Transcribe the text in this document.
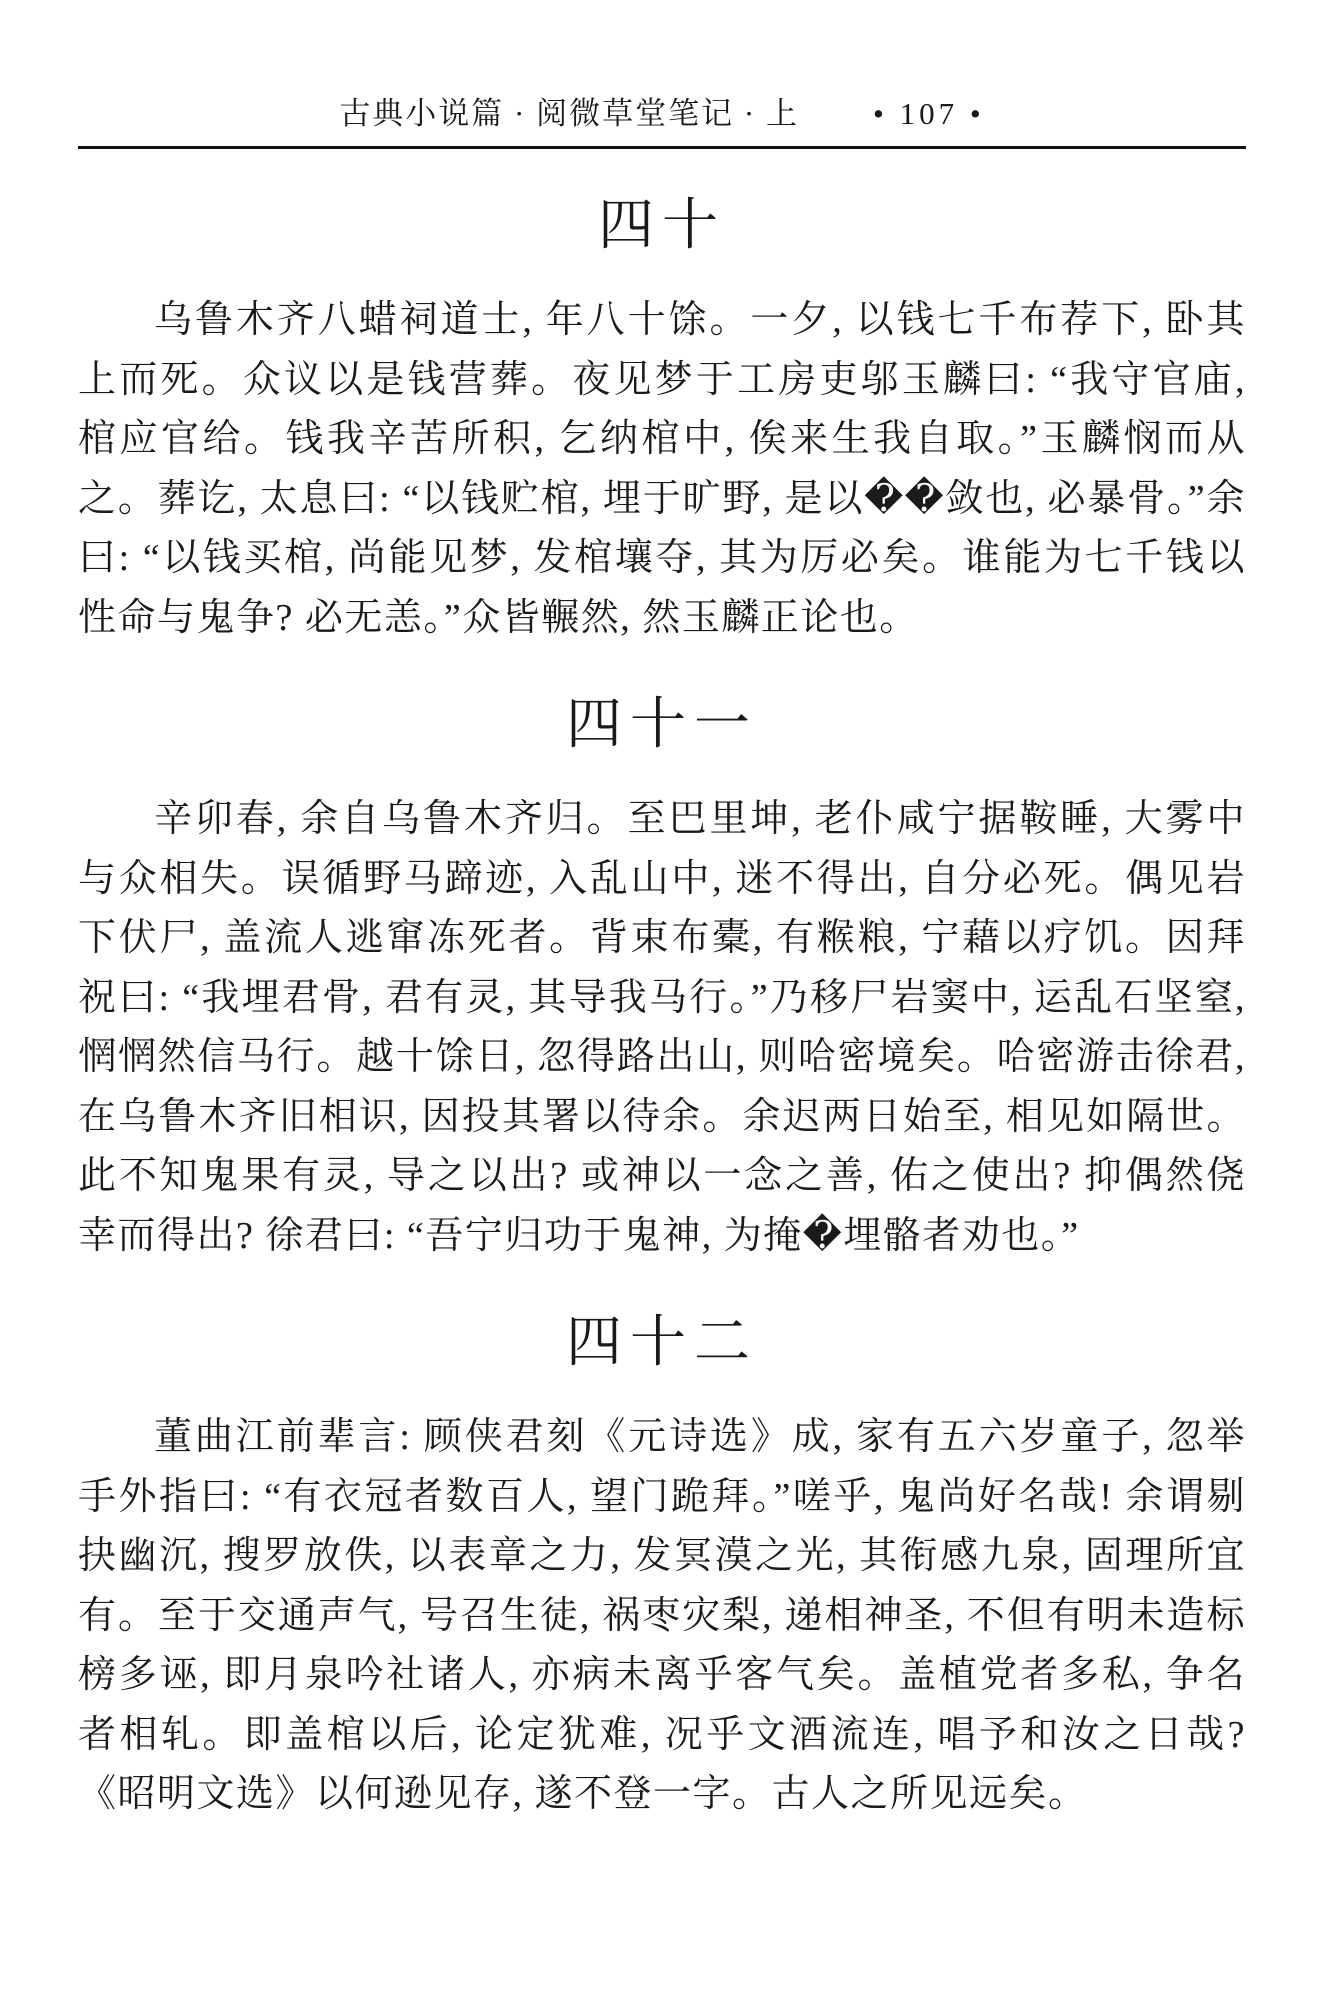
古典小说篇 · 阅微草堂笔记 · 上 • 107 •
四十

乌鲁木齐八蜡祠道士, 年八十馀。一夕, 以钱七千布荐下, 卧其上而死。众议以是钱营葬。夜见梦于工房吏邬玉麟曰: “我守官庙, 棺应官给。钱我辛苦所积, 乞纳棺中, 俟来生我自取。”玉麟悯而从之。葬讫, 太息曰: “以钱贮棺, 埋于旷野, 是以��敛也, 必暴骨。”余曰: “以钱买棺, 尚能见梦, 发棺壤夺, 其为厉必矣。谁能为七千钱以性命与鬼争? 必无恙。”众皆冁然, 然玉麟正论也。

四十一

辛卯春, 余自乌鲁木齐归。至巴里坤, 老仆咸宁据鞍睡, 大雾中与众相失。误循野马蹄迹, 入乱山中, 迷不得出, 自分必死。偶见岩下伏尸, 盖流人逃窜冻死者。背束布橐, 有糇粮, 宁藉以疗饥。因拜祝曰: “我埋君骨, 君有灵, 其导我马行。”乃移尸岩窦中, 运乱石坚窒, 惘惘然信马行。越十馀日, 忽得路出山, 则哈密境矣。哈密游击徐君, 在乌鲁木齐旧相识, 因投其署以待余。余迟两日始至, 相见如隔世。此不知鬼果有灵, 导之以出? 或神以一念之善, 佑之使出? 抑偶然侥幸而得出? 徐君曰: “吾宁归功于鬼神, 为掩�埋骼者劝也。”

四十二

董曲江前辈言: 顾侠君刻《元诗选》成, 家有五六岁童子, 忽举手外指曰: “有衣冠者数百人, 望门跪拜。”嗟乎, 鬼尚好名哉! 余谓剔抉幽沉, 搜罗放佚, 以表章之力, 发冥漠之光, 其衔感九泉, 固理所宜有。至于交通声气, 号召生徒, 祸枣灾梨, 递相神圣, 不但有明未造标榜多诬, 即月泉吟社诸人, 亦病未离乎客气矣。盖植党者多私, 争名者相轧。即盖棺以后, 论定犹难, 况乎文酒流连, 唱予和汝之日哉?《昭明文选》以何逊见存, 遂不登一字。古人之所见远矣。
